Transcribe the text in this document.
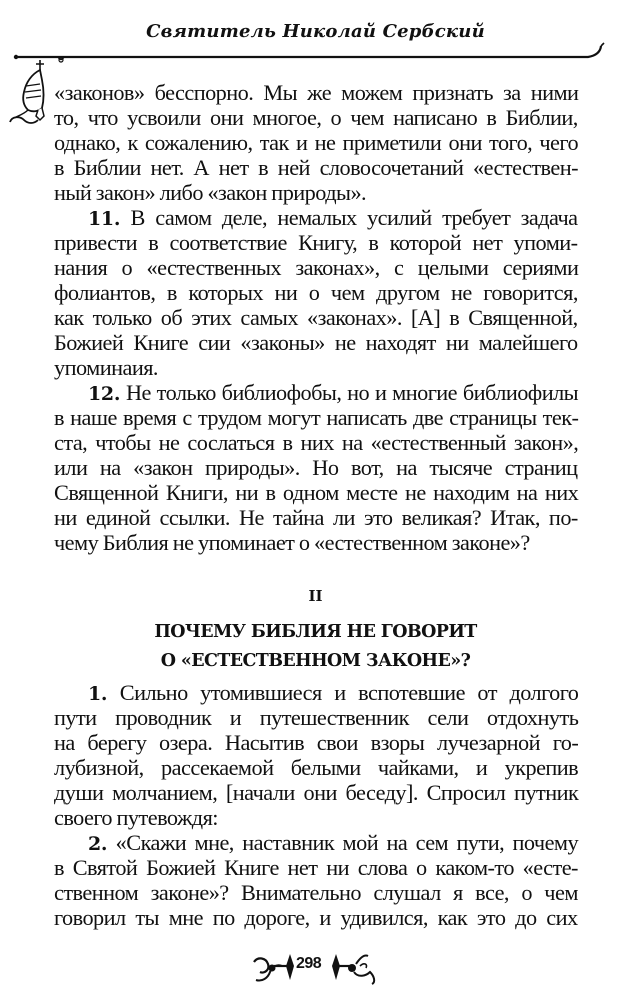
Святитель Николай Сербский

«законов» бесспорно. Мы же можем признать за ними
то, что усвоили они многое, о чем написано в Библии,
однако, к сожалению, так и не приметили они того, чего
в Библии нет. А нет в ней словосочетаний «естествен-
ный закон» либо «закон природы».

11. В самом деле, немалых усилий требует задача
привести в соответствие Книгу, в которой нет упоми-
нания о «естественных законах», с целыми сериями
фолиантов, в которых ни о чем другом не говорится,
как только об этих самых «законах». [А] в Священной,
Божией Книге сии «законы» не находят ни малейшего
упоминаия.

12. Не только библиофобы, но и многие библиофилы
в наше время с трудом могут написать две страницы тек-
ста, чтобы не сослаться в них на «естественный закон»,
или на «закон природы». Но вот, на тысяче страниц
Священной Книги, ни в одном месте не находим на них
ни единой ссылки. Не тайна ли это великая? Итак, по-
чему Библия не упоминает о «естественном законе»?

II
ПОЧЕМУ БИБЛИЯ НЕ ГОВОРИТ
О «ЕСТЕСТВЕННОМ ЗАКОНЕ»?

1. Сильно утомившиеся и вспотевшие от долгого
пути проводник и путешественник сели отдохнуть
на берегу озера. Насытив свои взоры лучезарной го-
лубизной, рассекаемой белыми чайками, и укрепив
души молчанием, [начали они беседу]. Спросил путник
своего путевождя:

2. «Скажи мне, наставник мой на сем пути, почему
в Святой Божией Книге нет ни слова о каком-то «есте-
ственном законе»? Внимательно слушал я все, о чем
говорил ты мне по дороге, и удивился, как это до сих

298
